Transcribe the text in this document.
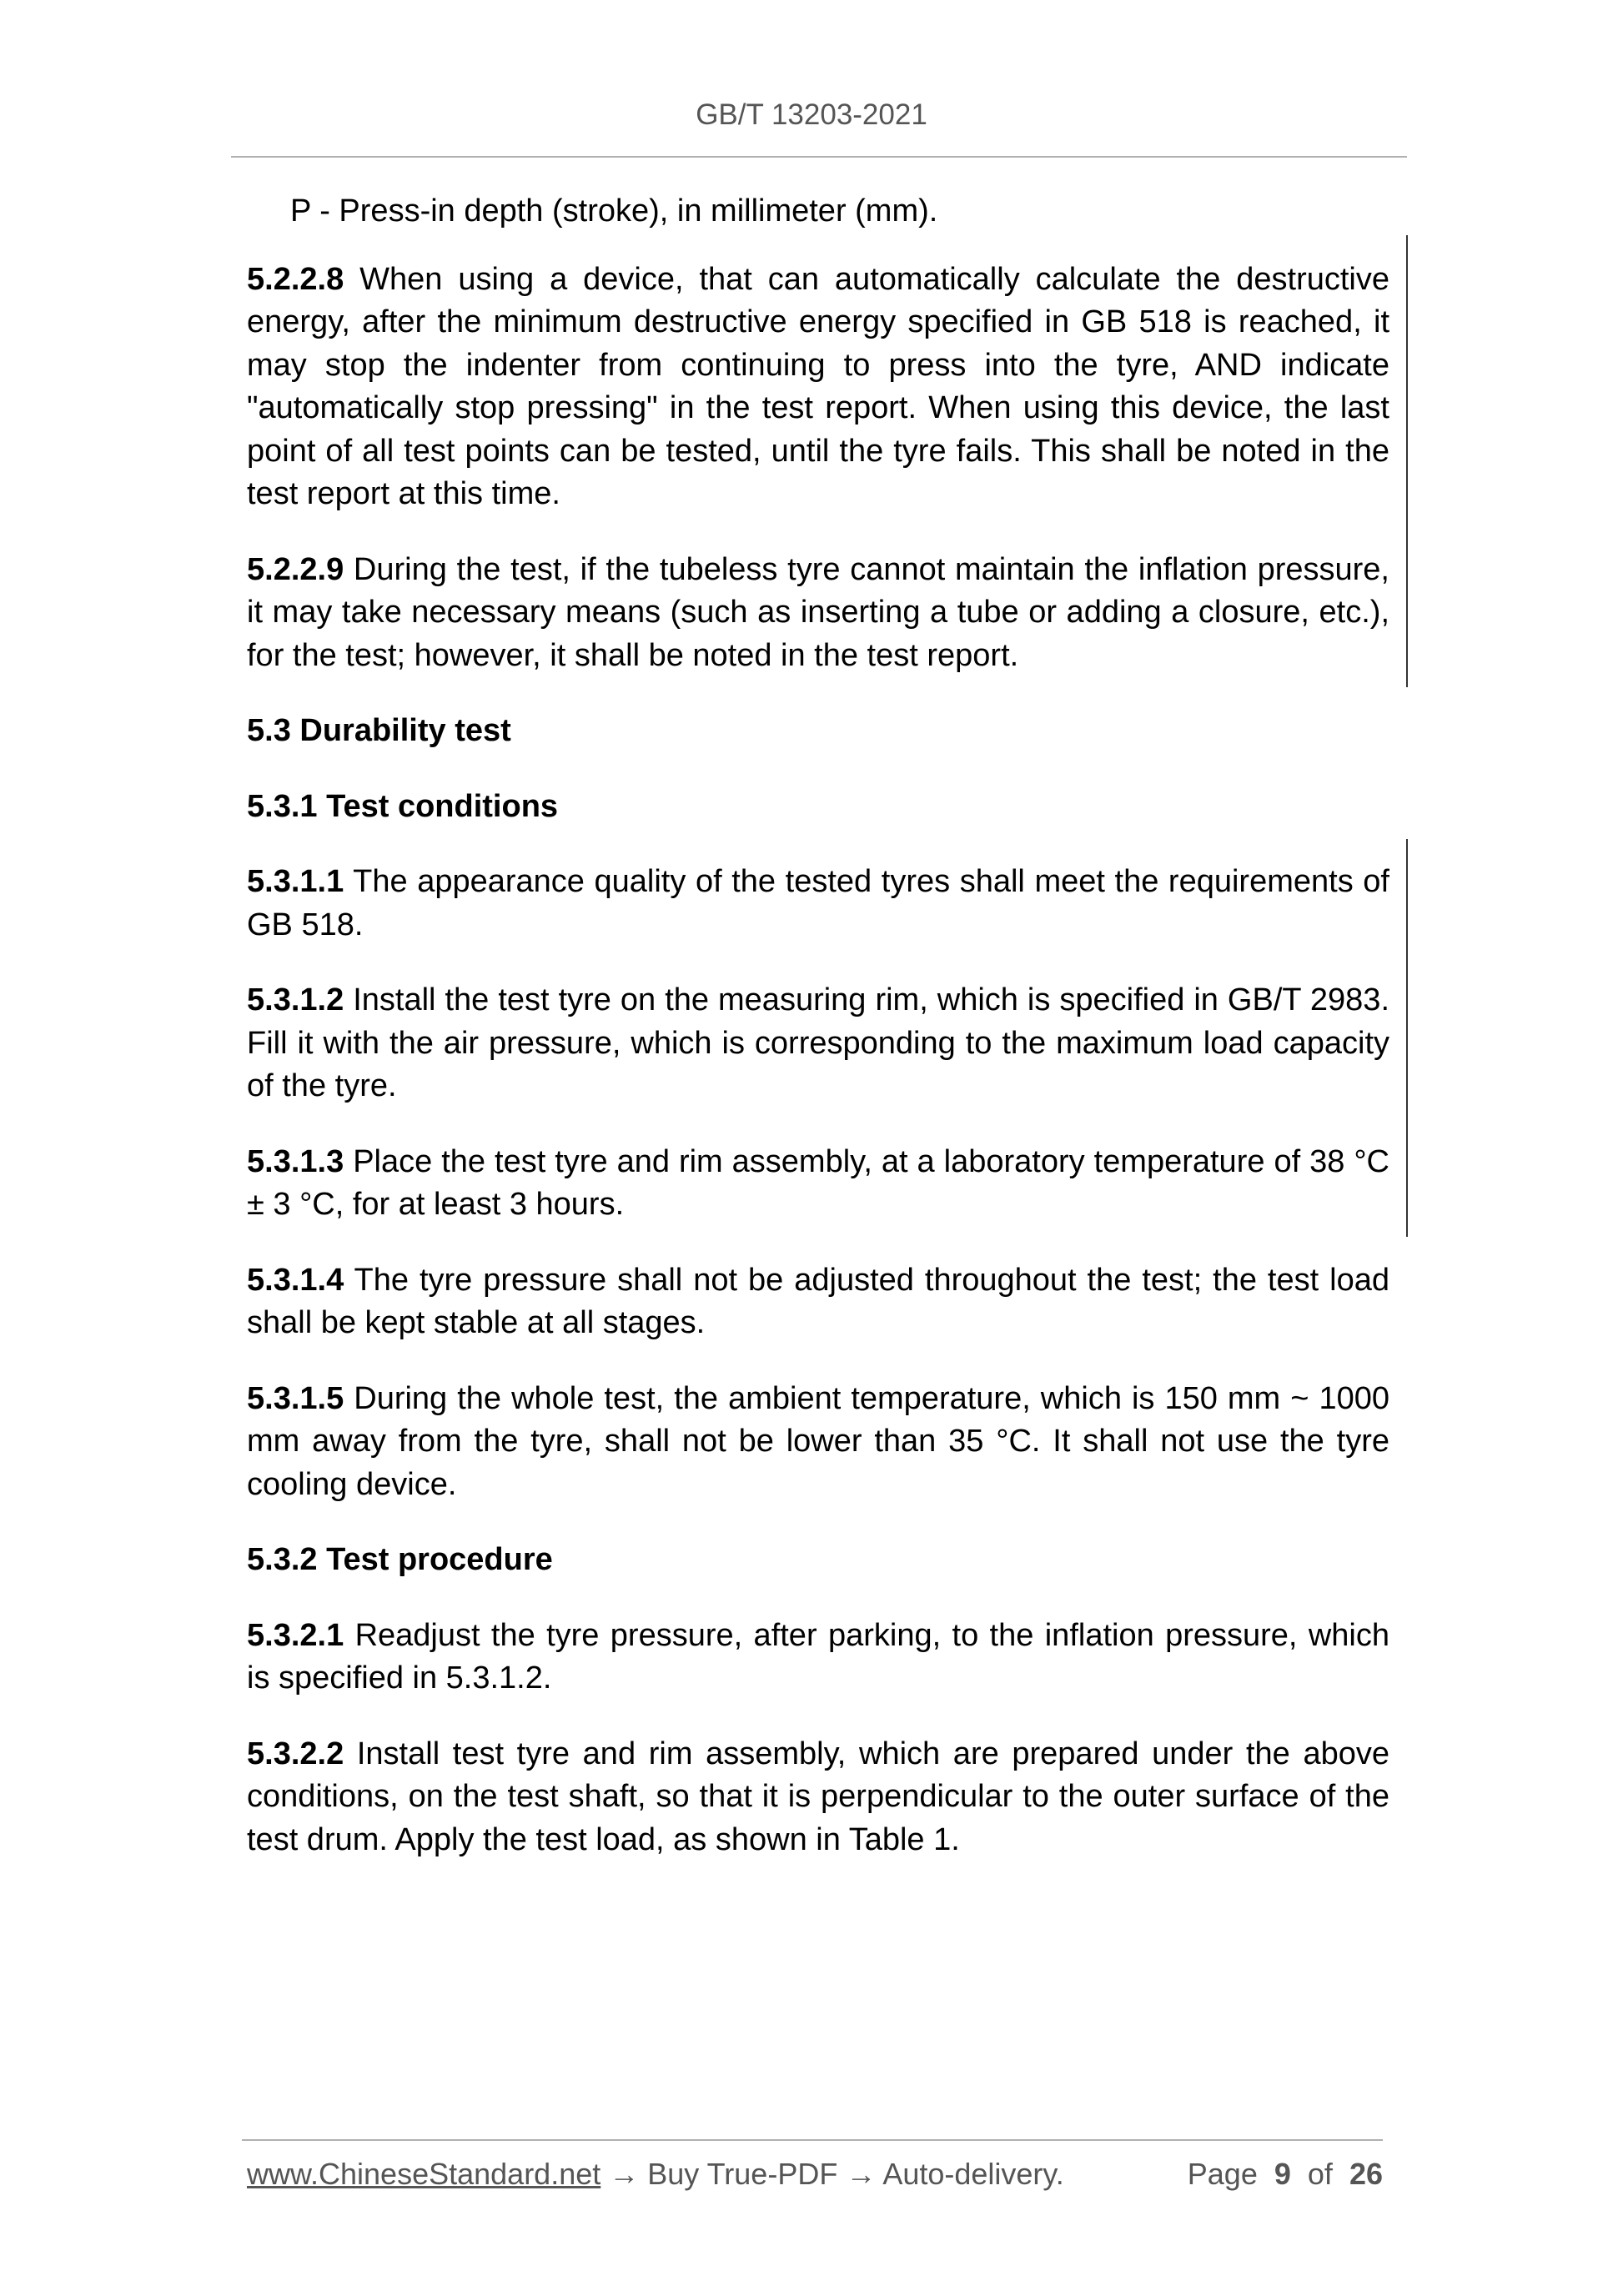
GB/T 13203-2021

P - Press-in depth (stroke), in millimeter (mm).

5.2.2.8 When using a device, that can automatically calculate the destructive energy, after the minimum destructive energy specified in GB 518 is reached, it may stop the indenter from continuing to press into the tyre, AND indicate "automatically stop pressing" in the test report. When using this device, the last point of all test points can be tested, until the tyre fails. This shall be noted in the test report at this time.

5.2.2.9 During the test, if the tubeless tyre cannot maintain the inflation pressure, it may take necessary means (such as inserting a tube or adding a closure, etc.), for the test; however, it shall be noted in the test report.

5.3 Durability test
5.3.1 Test conditions

5.3.1.1 The appearance quality of the tested tyres shall meet the requirements of GB 518.

5.3.1.2 Install the test tyre on the measuring rim, which is specified in GB/T 2983. Fill it with the air pressure, which is corresponding to the maximum load capacity of the tyre.

5.3.1.3 Place the test tyre and rim assembly, at a laboratory temperature of 38 °C ± 3 °C, for at least 3 hours.

5.3.1.4 The tyre pressure shall not be adjusted throughout the test; the test load shall be kept stable at all stages.

5.3.1.5 During the whole test, the ambient temperature, which is 150 mm ~ 1000 mm away from the tyre, shall not be lower than 35 °C. It shall not use the tyre cooling device.

5.3.2 Test procedure

5.3.2.1 Readjust the tyre pressure, after parking, to the inflation pressure, which is specified in 5.3.1.2.

5.3.2.2 Install test tyre and rim assembly, which are prepared under the above conditions, on the test shaft, so that it is perpendicular to the outer surface of the test drum. Apply the test load, as shown in Table 1.

www.ChineseStandard.net → Buy True-PDF → Auto-delivery.	Page 9 of 26
